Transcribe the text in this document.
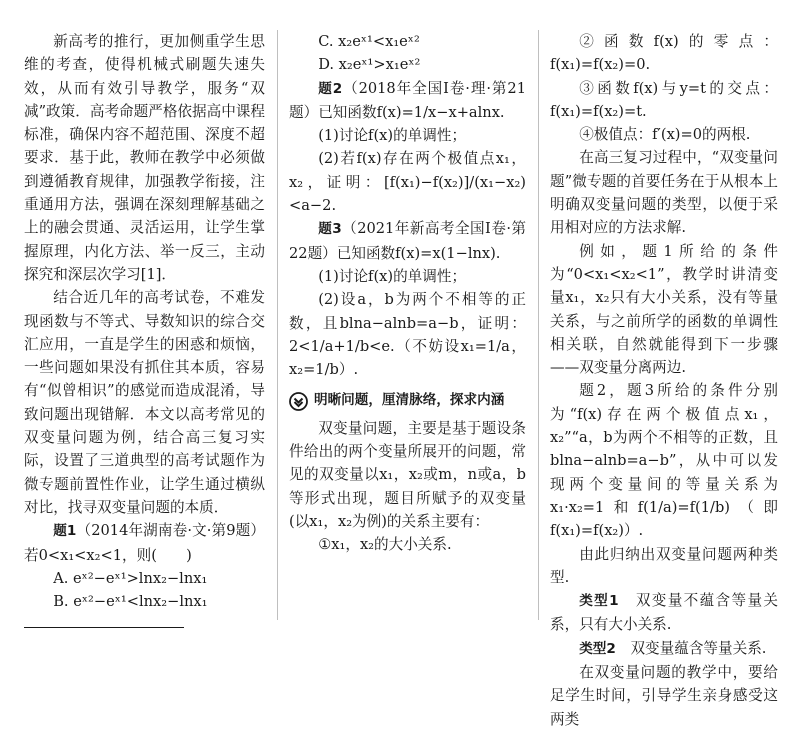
新高考的推行，更加侧重学生思维的考查，使得机械式刷题失速失效，从而有效引导教学，服务“双减”政策．高考命题严格依据高中课程标准，确保内容不超范围、深度不超要求．基于此，教师在教学中必须做到遵循教育规律，加强教学衔接，注重通用方法，强调在深刻理解基础之上的融会贯通、灵活运用，让学生掌握原理，内化方法、举一反三，主动探究和深层次学习[1]．

结合近几年的高考试卷，不难发现函数与不等式、导数知识的综合交汇应用，一直是学生的困惑和烦恼，一些问题如果没有抓住其本质，容易有“似曾相识”的感觉而造成混淆，导致问题出现错解．本文以高考常见的双变量问题为例，结合高三复习实际，设置了三道典型的高考试题作为微专题前置性作业，让学生通过横纵对比，找寻双变量问题的本质．

题1（2014年湖南卷·文·第9题）若0<x₁<x₂<1，则(　　)

A. eˣ²−eˣ¹>lnx₂−lnx₁

B. eˣ²−eˣ¹<lnx₂−lnx₁

C. x₂eˣ¹<x₁eˣ²

D. x₂eˣ¹>x₁eˣ²

题2（2018年全国Ⅰ卷·理·第21题）已知函数f(x)=1/x−x+alnx.

(1)讨论f(x)的单调性；

(2)若f(x)存在两个极值点x₁，x₂，证明：[f(x₁)−f(x₂)]/(x₁−x₂)<a−2.

题3（2021年新高考全国Ⅰ卷·第22题）已知函数f(x)=x(1−lnx).

(1)讨论f(x)的单调性；

(2)设a，b为两个不相等的正数，且blna−alnb=a−b，证明：2<1/a+1/b<e.（不妨设x₁=1/a，x₂=1/b）.

明晰问题，厘清脉络，探求内涵

双变量问题，主要是基于题设条件给出的两个变量所展开的问题，常见的双变量以x₁，x₂或m，n或a，b等形式出现，题目所赋予的双变量(以x₁，x₂为例)的关系主要有：

①x₁，x₂的大小关系.

②函数f(x)的零点：f(x₁)=f(x₂)=0.

③函数f(x)与y=t的交点：f(x₁)=f(x₂)=t.

④极值点：f′(x)=0的两根.

在高三复习过程中，“双变量问题”微专题的首要任务在于从根本上明确双变量问题的类型，以便于采用相对应的方法求解.

例如，题1所给的条件为“0<x₁<x₂<1”，教学时讲清变量x₁，x₂只有大小关系，没有等量关系，与之前所学的函数的单调性相关联，自然就能得到下一步骤——双变量分离两边.

题2，题3所给的条件分别为“f(x)存在两个极值点x₁，x₂”“a，b为两个不相等的正数，且blna−alnb=a−b”，从中可以发现两个变量间的等量关系为x₁·x₂=1和f(1/a)=f(1/b)（即f(x₁)=f(x₂)）.

由此归纳出双变量问题两种类型.

类型1　 双变量不蕴含等量关系，只有大小关系.

类型2　 双变量蕴含等量关系.

在双变量问题的教学中，要给足学生时间，引导学生亲身感受这两类
